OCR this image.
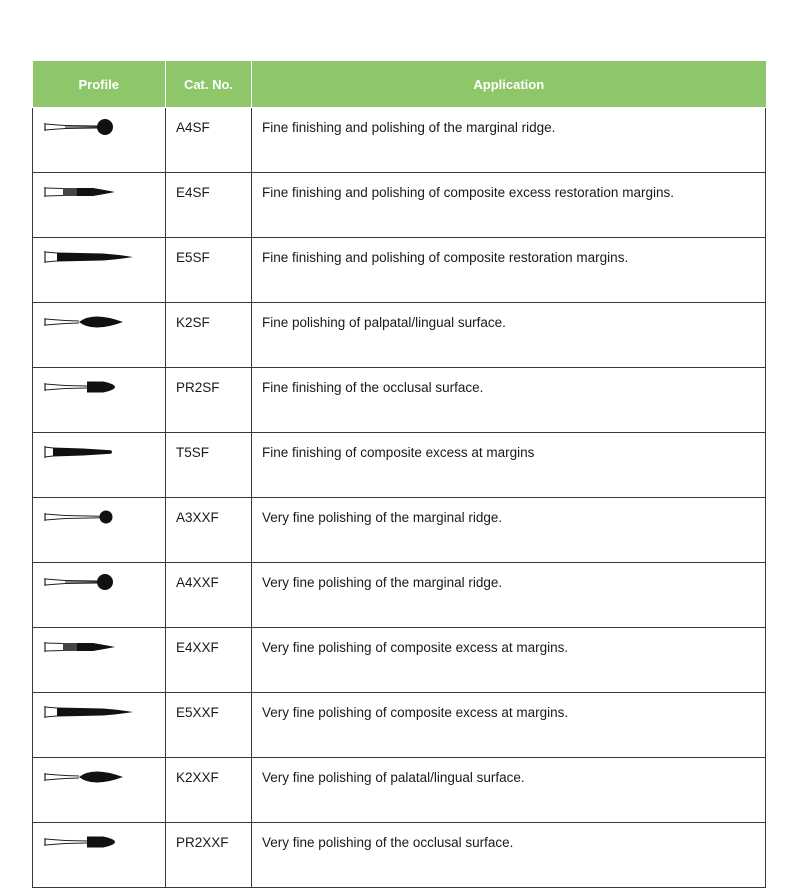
Profile	Cat. No.	Application

	A4SF	Fine finishing and polishing of the marginal ridge.

	E4SF	Fine finishing and polishing of composite excess restoration margins.

	E5SF	Fine finishing and polishing of composite restoration margins.

	K2SF	Fine polishing of palpatal/lingual surface.

	PR2SF	Fine finishing of the occlusal surface.

	T5SF	Fine finishing of composite excess at margins

	A3XXF	Very fine polishing of the marginal ridge.

	A4XXF	Very fine polishing of the marginal ridge.

	E4XXF	Very fine polishing of composite excess at margins.

	E5XXF	Very fine polishing of composite excess at margins.

	K2XXF	Very fine polishing of palatal/lingual surface.

	PR2XXF	Very fine polishing of the occlusal surface.
